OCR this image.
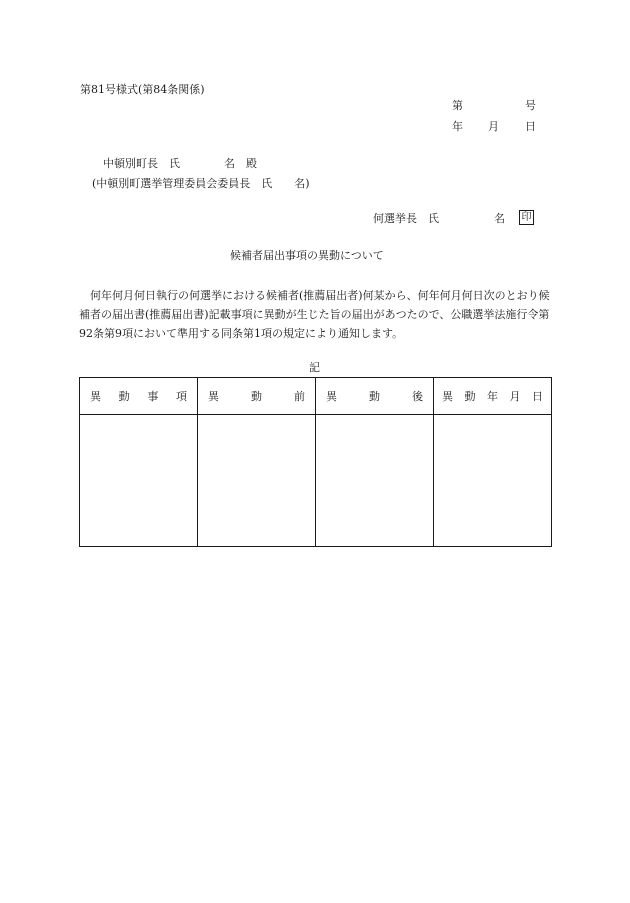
第81号様式(第84条関係)
第	号
年 月 日
中頓別町長　氏　　　　名　殿
(中頓別町選挙管理委員会委員長　氏　　名)
何選挙長　氏　　　　　名 印
候補者届出事項の異動について
何年何月何日執行の何選挙における候補者(推薦届出者)何某から、何年何月何日次のとおり候補者の届出書(推薦届出書)記載事項に異動が生じた旨の届出があつたので、公職選挙法施行令第92条第9項において準用する同条第1項の規定により通知します。
記
異 動 事 項	異 動 前	異 動 後	異 動 年 月 日
